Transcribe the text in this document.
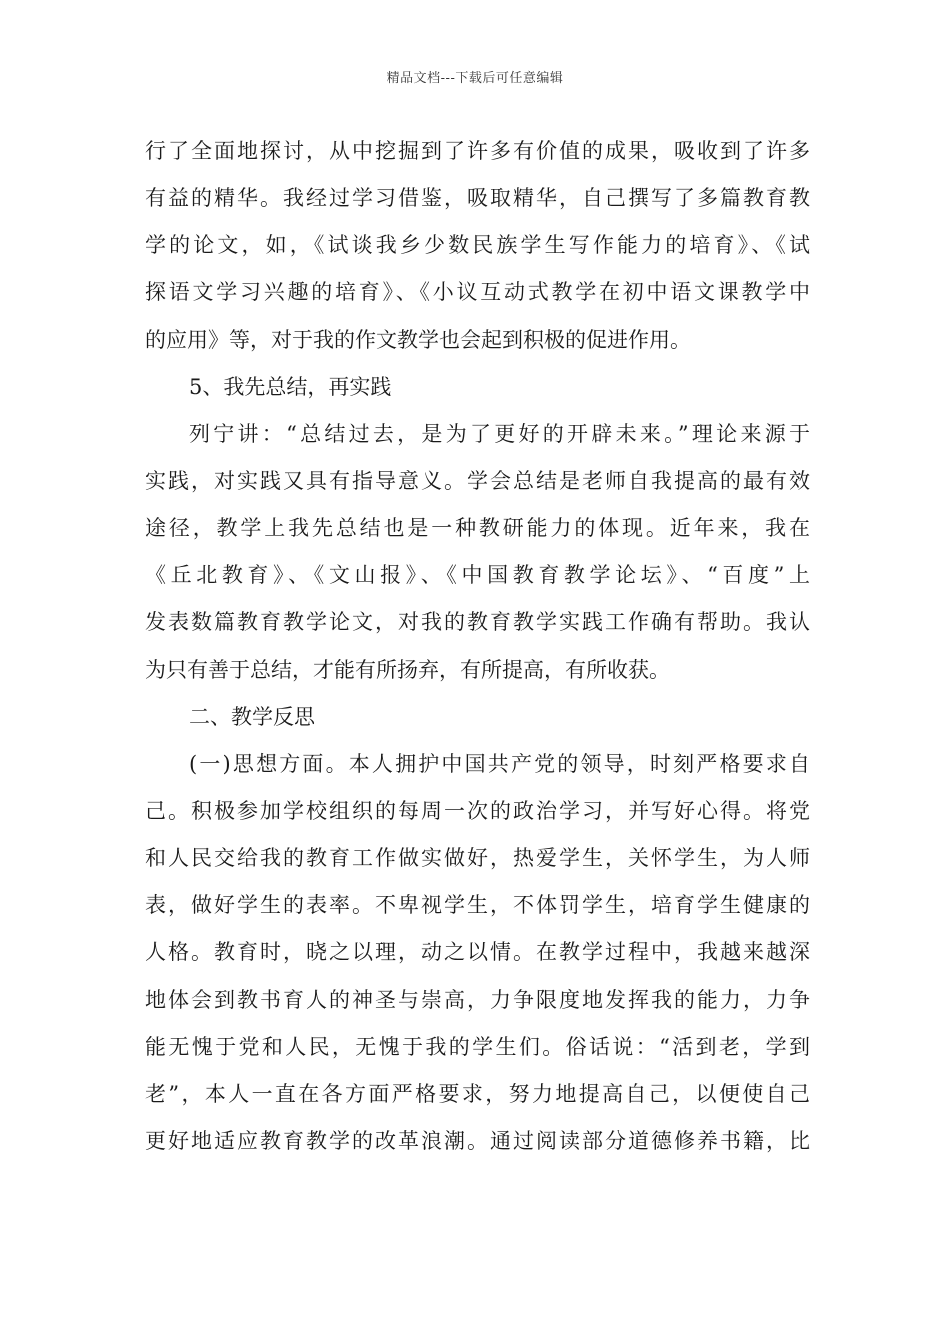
精品文档---下载后可任意编辑
行了全面地探讨，从中挖掘到了许多有价值的成果，吸收到了许多
有益的精华。我经过学习借鉴，吸取精华，自己撰写了多篇教育教
学的论文，如，《试谈我乡少数民族学生写作能力的培育》、《试
探语文学习兴趣的培育》、《小议互动式教学在初中语文课教学中
的应用》等，对于我的作文教学也会起到积极的促进作用。
5、我先总结，再实践
列宁讲：“总结过去，是为了更好的开辟未来。”理论来源于
实践，对实践又具有指导意义。学会总结是老师自我提高的最有效
途径，教学上我先总结也是一种教研能力的体现。近年来，我在
《丘北教育》、《文山报》、《中国教育教学论坛》、“百度”上
发表数篇教育教学论文，对我的教育教学实践工作确有帮助。我认
为只有善于总结，才能有所扬弃，有所提高，有所收获。
二、教学反思
(一)思想方面。本人拥护中国共产党的领导，时刻严格要求自
己。积极参加学校组织的每周一次的政治学习，并写好心得。将党
和人民交给我的教育工作做实做好，热爱学生，关怀学生，为人师
表，做好学生的表率。不卑视学生，不体罚学生，培育学生健康的
人格。教育时，晓之以理，动之以情。在教学过程中，我越来越深
地体会到教书育人的神圣与崇高，力争限度地发挥我的能力，力争
能无愧于党和人民，无愧于我的学生们。俗话说：“活到老，学到
老”，本人一直在各方面严格要求，努力地提高自己，以便使自己
更好地适应教育教学的改革浪潮。通过阅读部分道德修养书籍，比
